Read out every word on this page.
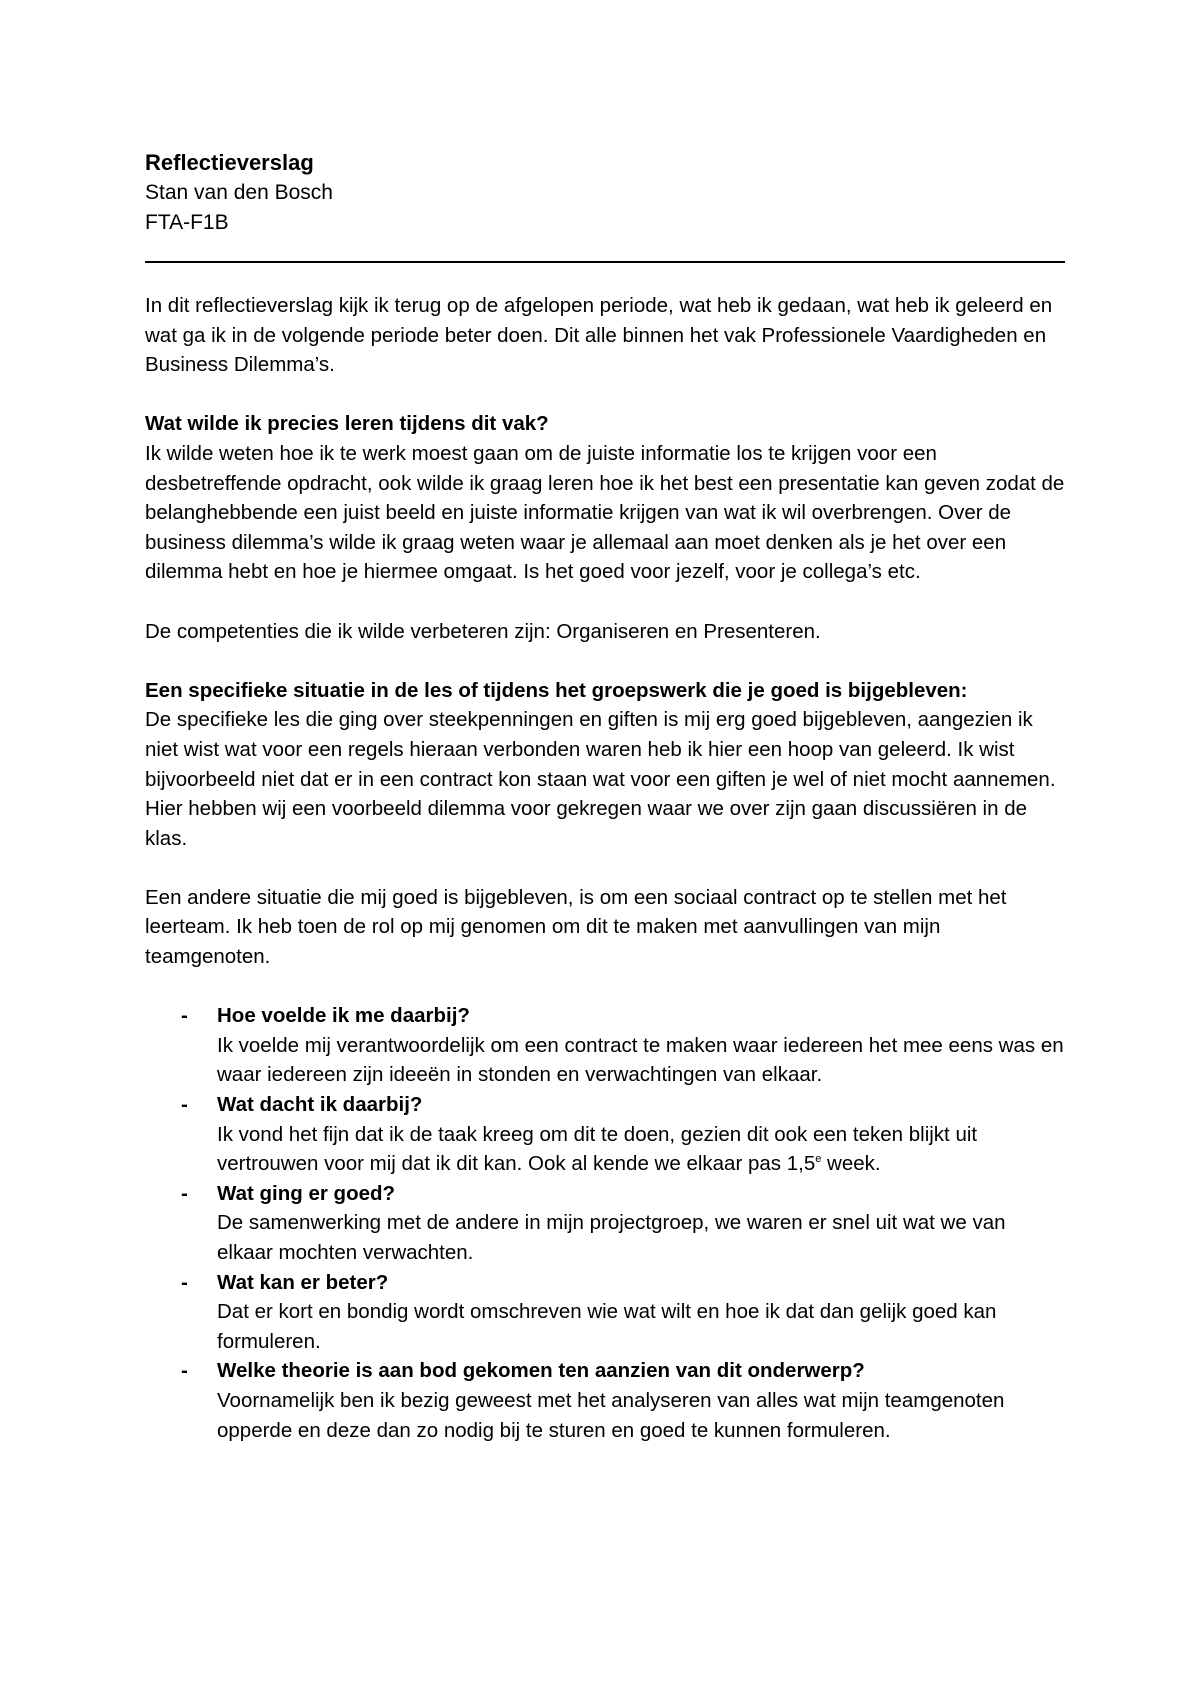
Reflectieverslag

Stan van den Bosch

FTA-F1B

In dit reflectieverslag kijk ik terug op de afgelopen periode, wat heb ik gedaan, wat heb ik geleerd en wat ga ik in de volgende periode beter doen. Dit alle binnen het vak Professionele Vaardigheden en Business Dilemma’s.

Wat wilde ik precies leren tijdens dit vak?

Ik wilde weten hoe ik te werk moest gaan om de juiste informatie los te krijgen voor een desbetreffende opdracht, ook wilde ik graag leren hoe ik het best een presentatie kan geven zodat de belanghebbende een juist beeld en juiste informatie krijgen van wat ik wil overbrengen. Over de business dilemma’s wilde ik graag weten waar je allemaal aan moet denken als je het over een dilemma hebt en hoe je hiermee omgaat. Is het goed voor jezelf, voor je collega’s etc.

De competenties die ik wilde verbeteren zijn: Organiseren en Presenteren.

Een specifieke situatie in de les of tijdens het groepswerk die je goed is bijgebleven:

De specifieke les die ging over steekpenningen en giften is mij erg goed bijgebleven, aangezien ik niet wist wat voor een regels hieraan verbonden waren heb ik hier een hoop van geleerd. Ik wist bijvoorbeeld niet dat er in een contract kon staan wat voor een giften je wel of niet mocht aannemen. Hier hebben wij een voorbeeld dilemma voor gekregen waar we over zijn gaan discussiëren in de klas.

Een andere situatie die mij goed is bijgebleven, is om een sociaal contract op te stellen met het leerteam. Ik heb toen de rol op mij genomen om dit te maken met aanvullingen van mijn teamgenoten.

- Hoe voelde ik me daarbij?
Ik voelde mij verantwoordelijk om een contract te maken waar iedereen het mee eens was en waar iedereen zijn ideeën in stonden en verwachtingen van elkaar.
- Wat dacht ik daarbij?
Ik vond het fijn dat ik de taak kreeg om dit te doen, gezien dit ook een teken blijkt uit vertrouwen voor mij dat ik dit kan. Ook al kende we elkaar pas 1,5e week.
- Wat ging er goed?
De samenwerking met de andere in mijn projectgroep, we waren er snel uit wat we van elkaar mochten verwachten.
- Wat kan er beter?
Dat er kort en bondig wordt omschreven wie wat wilt en hoe ik dat dan gelijk goed kan formuleren.
- Welke theorie is aan bod gekomen ten aanzien van dit onderwerp?
Voornamelijk ben ik bezig geweest met het analyseren van alles wat mijn teamgenoten opperde en deze dan zo nodig bij te sturen en goed te kunnen formuleren.
